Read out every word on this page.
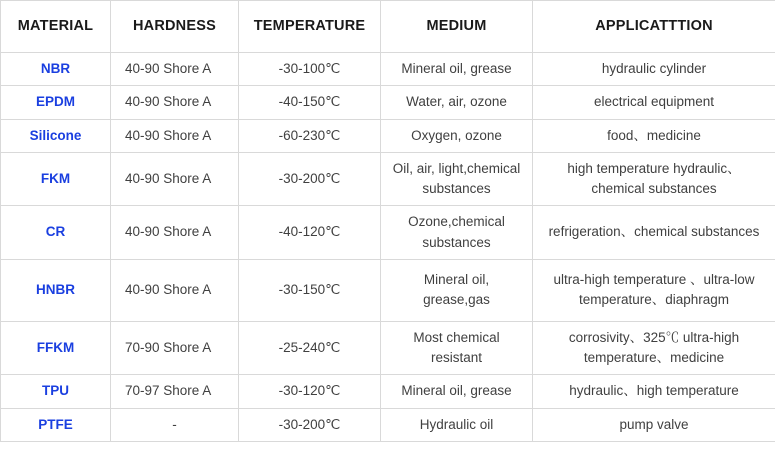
MATERIAL	HARDNESS	TEMPERATURE	MEDIUM	APPLICATTTION
NBR	40-90 Shore A	-30-100℃	Mineral oil, grease	hydraulic cylinder
EPDM	40-90 Shore A	-40-150℃	Water, air, ozone	electrical equipment
Silicone	40-90 Shore A	-60-230℃	Oxygen, ozone	food、medicine
FKM	40-90 Shore A	-30-200℃	Oil, air, light,chemical substances	high temperature hydraulic、chemical substances
CR	40-90 Shore A	-40-120℃	Ozone,chemical substances	refrigeration、chemical substances
HNBR	40-90 Shore A	-30-150℃	Mineral oil, grease,gas	ultra-high temperature 、ultra-low temperature、diaphragm
FFKM	70-90 Shore A	-25-240℃	Most chemical resistant	corrosivity、325℃ ultra-high temperature、medicine
TPU	70-97 Shore A	-30-120℃	Mineral oil, grease	hydraulic、high temperature
PTFE	-	-30-200℃	Hydraulic oil	pump valve
